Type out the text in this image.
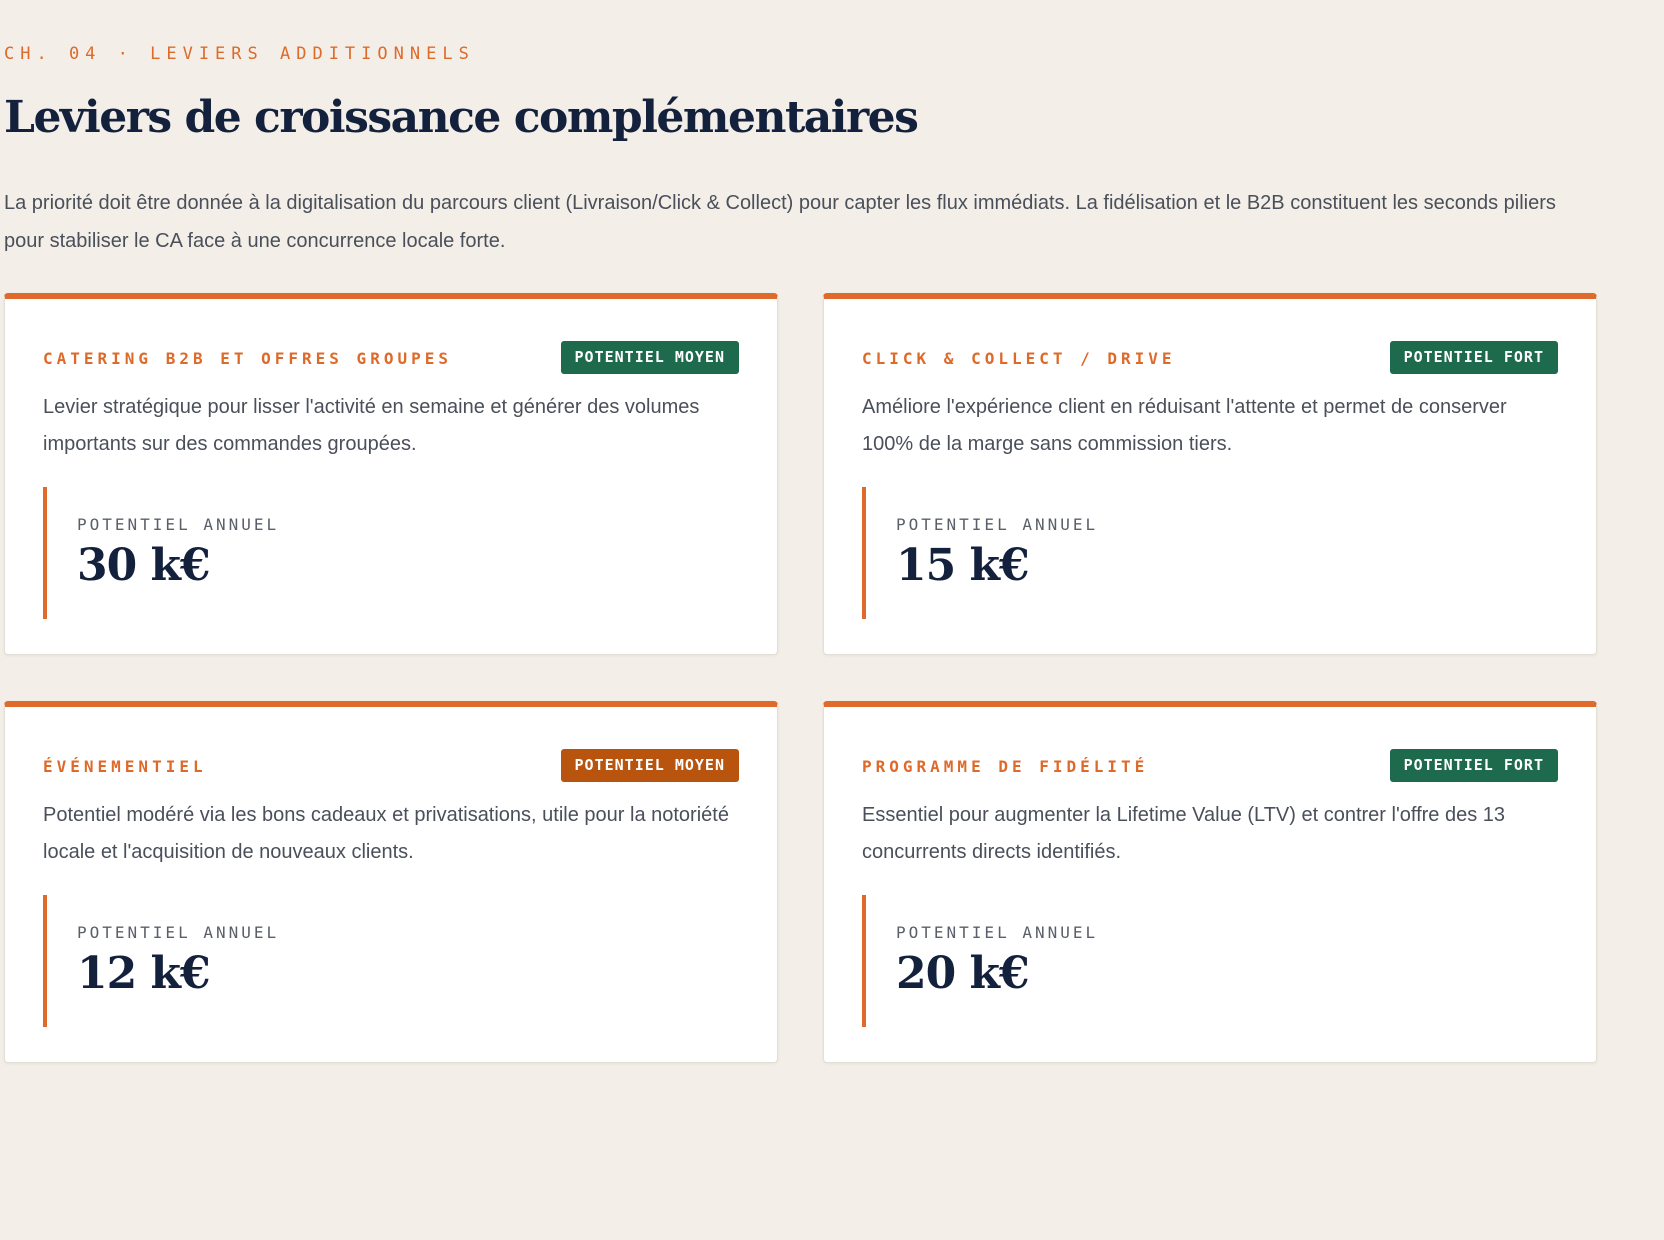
CH. 04 · LEVIERS ADDITIONNELS
Leviers de croissance complémentaires

La priorité doit être donnée à la digitalisation du parcours client (Livraison/Click & Collect) pour capter les flux immédiats. La fidélisation et le B2B constituent les seconds piliers pour stabiliser le CA face à une concurrence locale forte.

CATERING B2B ET OFFRES GROUPES	POTENTIEL MOYEN

Levier stratégique pour lisser l'activité en semaine et générer des volumes importants sur des commandes groupées.

POTENTIEL ANNUEL
30 k€
CLICK & COLLECT / DRIVE	POTENTIEL FORT

Améliore l'expérience client en réduisant l'attente et permet de conserver 100% de la marge sans commission tiers.

POTENTIEL ANNUEL
15 k€
ÉVÉNEMENTIEL	POTENTIEL MOYEN

Potentiel modéré via les bons cadeaux et privatisations, utile pour la notoriété locale et l'acquisition de nouveaux clients.

POTENTIEL ANNUEL
12 k€
PROGRAMME DE FIDÉLITÉ	POTENTIEL FORT

Essentiel pour augmenter la Lifetime Value (LTV) et contrer l'offre des 13 concurrents directs identifiés.

POTENTIEL ANNUEL
20 k€
